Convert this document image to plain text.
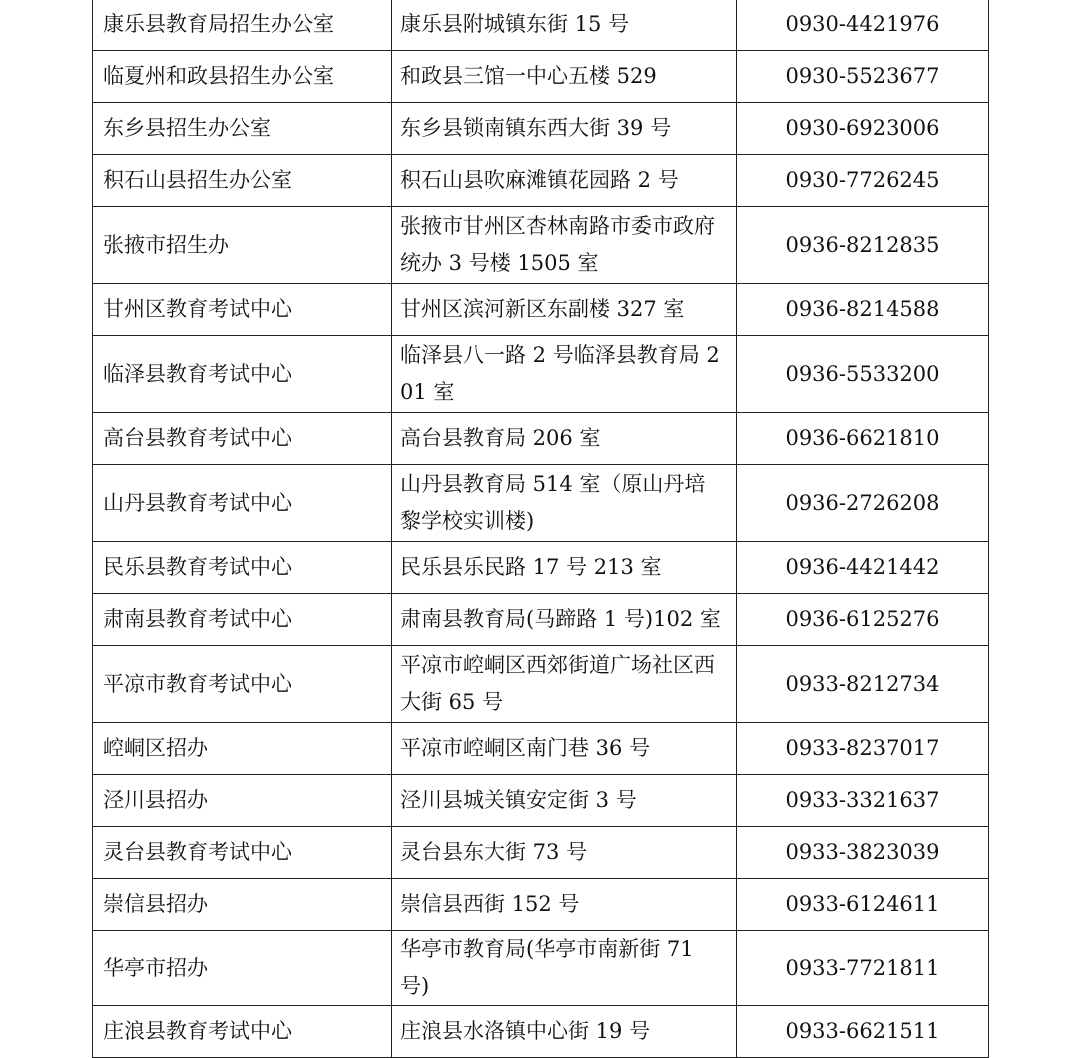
康乐县教育局招生办公室	康乐县附城镇东街 15 号	0930-4421976
临夏州和政县招生办公室	和政县三馆一中心五楼 529	0930-5523677
东乡县招生办公室	东乡县锁南镇东西大街 39 号	0930-6923006
积石山县招生办公室	积石山县吹麻滩镇花园路 2 号	0930-7726245
张掖市招生办	张掖市甘州区杏林南路市委市政府统办 3 号楼 1505 室	0936-8212835
甘州区教育考试中心	甘州区滨河新区东副楼 327 室	0936-8214588
临泽县教育考试中心	临泽县八一路 2 号临泽县教育局 201 室	0936-5533200
高台县教育考试中心	高台县教育局 206 室	0936-6621810
山丹县教育考试中心	山丹县教育局 514 室（原山丹培黎学校实训楼)	0936-2726208
民乐县教育考试中心	民乐县乐民路 17 号 213 室	0936-4421442
肃南县教育考试中心	肃南县教育局(马蹄路 1 号)102 室	0936-6125276
平凉市教育考试中心	平凉市崆峒区西郊街道广场社区西大街 65 号	0933-8212734
崆峒区招办	平凉市崆峒区南门巷 36 号	0933-8237017
泾川县招办	泾川县城关镇安定街 3 号	0933-3321637
灵台县教育考试中心	灵台县东大街 73 号	0933-3823039
崇信县招办	崇信县西街 152 号	0933-6124611
华亭市招办	华亭市教育局(华亭市南新街 71 号)	0933-7721811
庄浪县教育考试中心	庄浪县水洛镇中心街 19 号	0933-6621511
